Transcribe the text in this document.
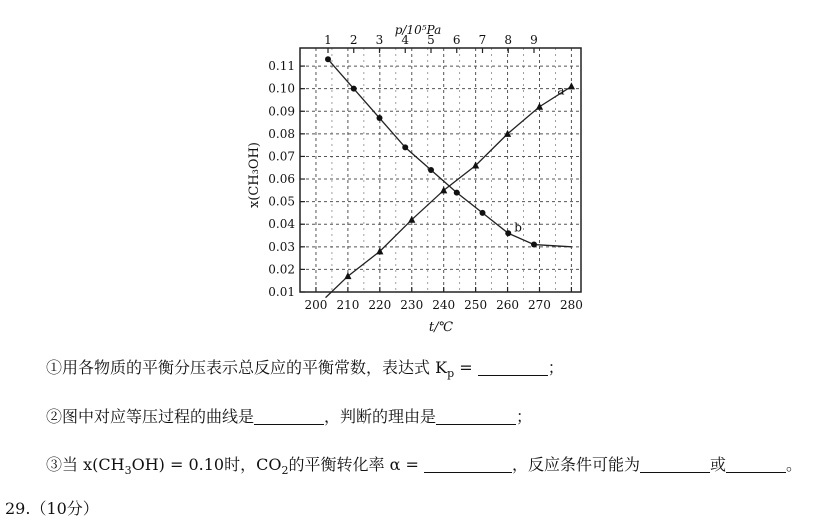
200 210 220 230 240 250 260 270 280
1 2 3 4 5 6 7 8 9
0.01
0.02
0.03
0.04
0.05
0.06
0.07
0.08
0.09
0.10
0.11
p/10⁵Pa
t/℃
x(CH₃OH)
a
b
①用各物质的平衡分压表示总反应的平衡常数，表达式 $K_p$ =	；
②图中对应等压过程的曲线是	，判断的理由是	；
③当 $x(CH_3OH) = 0.10$时，$CO_2$的平衡转化率 α =	，反应条件可能为	或	。
29.（10分）
